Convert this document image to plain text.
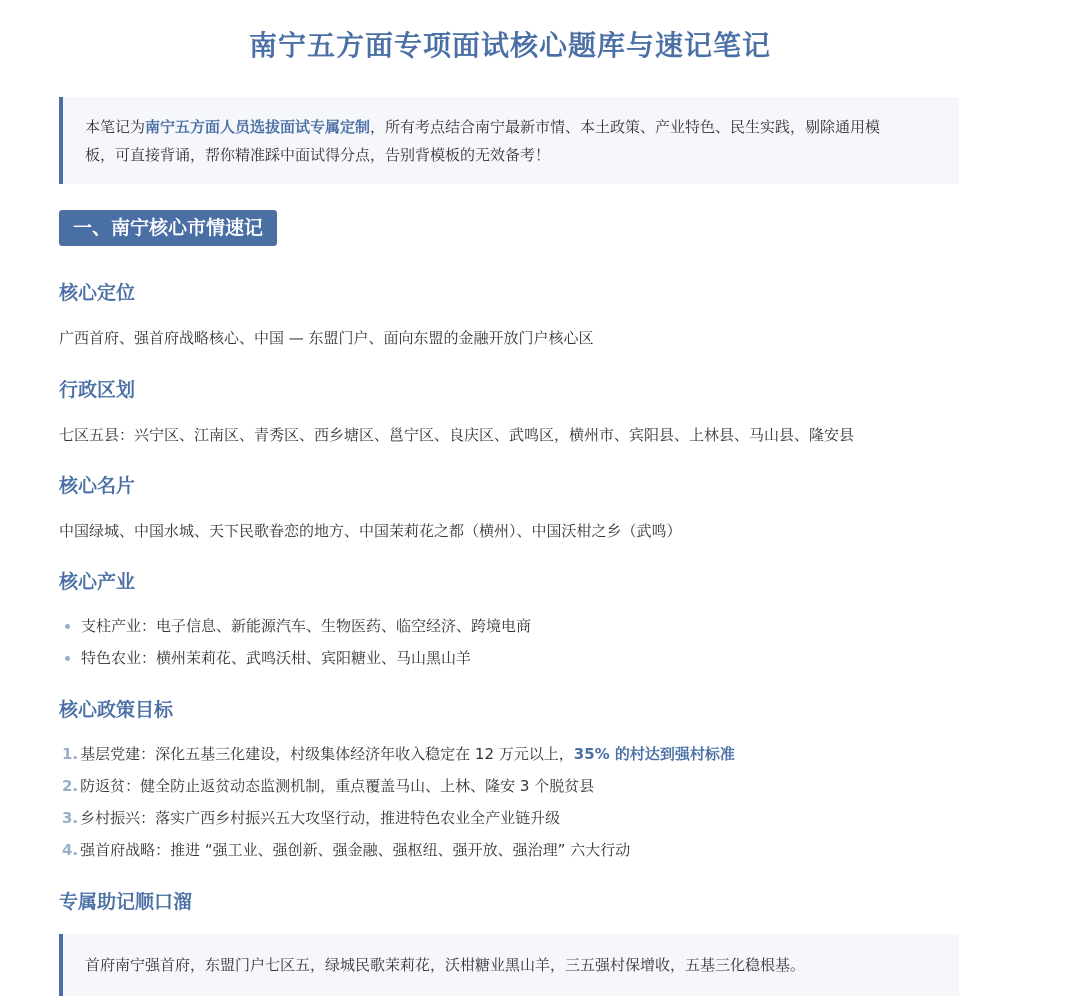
南宁五方面专项面试核心题库与速记笔记
本笔记为南宁五方面人员选拔面试专属定制，所有考点结合南宁最新市情、本土政策、产业特色、民生实践，剔除通用模
板，可直接背诵，帮你精准踩中面试得分点，告别背模板的无效备考！
一、南宁核心市情速记
核心定位

广西首府、强首府战略核心、中国 — 东盟门户、面向东盟的金融开放门户核心区

行政区划

七区五县：兴宁区、江南区、青秀区、西乡塘区、邕宁区、良庆区、武鸣区，横州市、宾阳县、上林县、马山县、隆安县

核心名片

中国绿城、中国水城、天下民歌眷恋的地方、中国茉莉花之都（横州）、中国沃柑之乡（武鸣）

核心产业
支柱产业：电子信息、新能源汽车、生物医药、临空经济、跨境电商
特色农业：横州茉莉花、武鸣沃柑、宾阳糖业、马山黑山羊
核心政策目标
1. 基层党建：深化五基三化建设，村级集体经济年收入稳定在 12 万元以上，35% 的村达到强村标准
2. 防返贫：健全防止返贫动态监测机制，重点覆盖马山、上林、隆安 3 个脱贫县
3. 乡村振兴：落实广西乡村振兴五大攻坚行动，推进特色农业全产业链升级
4. 强首府战略：推进 “强工业、强创新、强金融、强枢纽、强开放、强治理” 六大行动
专属助记顺口溜
首府南宁强首府，东盟门户七区五，绿城民歌茉莉花，沃柑糖业黑山羊，三五强村保增收，五基三化稳根基。
